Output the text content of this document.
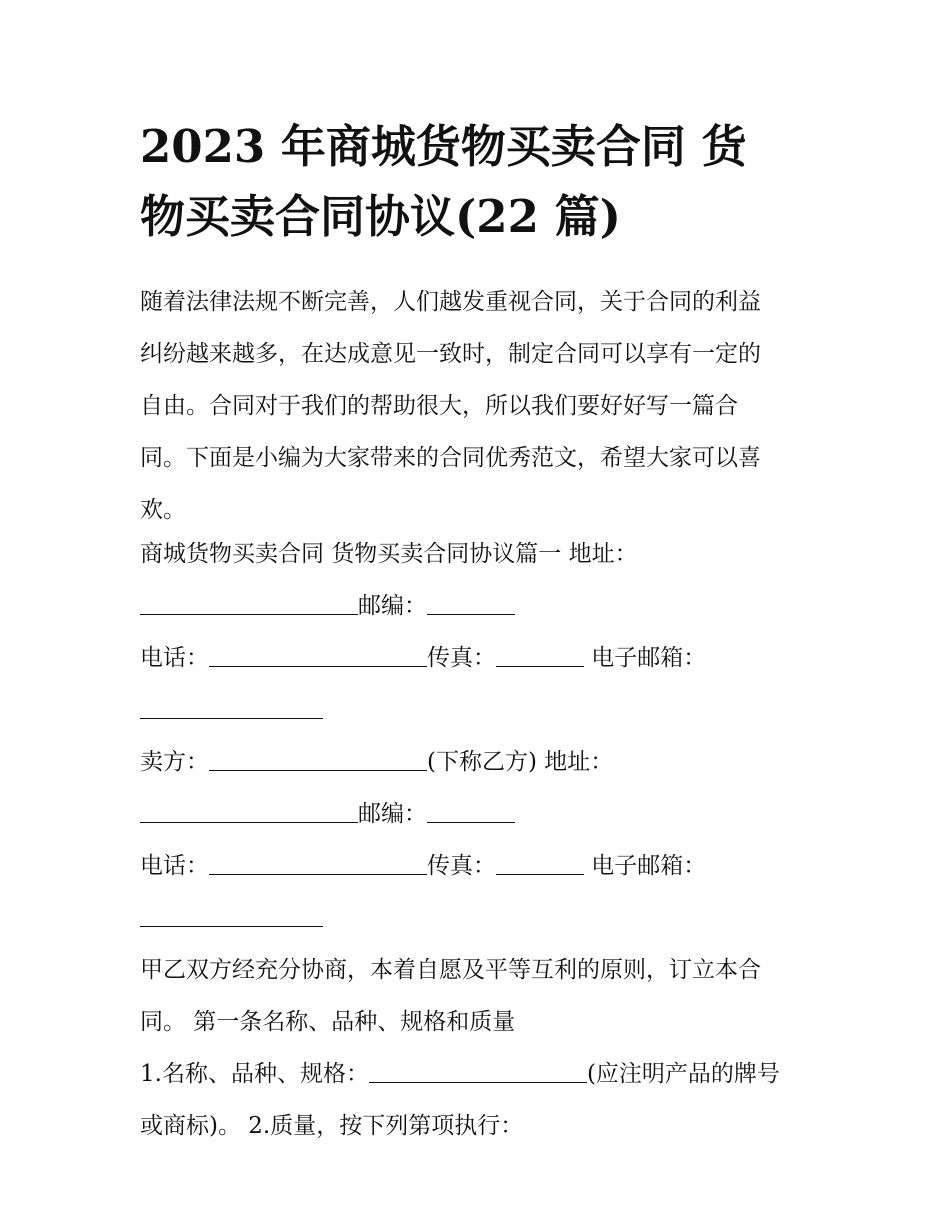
2023 年商城货物买卖合同 货
物买卖合同协议(22 篇)
随着法律法规不断完善，人们越发重视合同，关于合同的利益
纠纷越来越多，在达成意见一致时，制定合同可以享有一定的
自由。合同对于我们的帮助很大，所以我们要好好写一篇合
同。下面是小编为大家带来的合同优秀范文，希望大家可以喜
欢。
商城货物买卖合同 货物买卖合同协议篇一 地址：
邮编：
电话：	传真：	电子邮箱：
卖方：	(下称乙方) 地址：
邮编：
电话：	传真：	电子邮箱：
甲乙双方经充分协商，本着自愿及平等互利的原则，订立本合
同。 第一条名称、品种、规格和质量
1.名称、品种、规格：	(应注明产品的牌号
或商标)。 2.质量，按下列第项执行：
